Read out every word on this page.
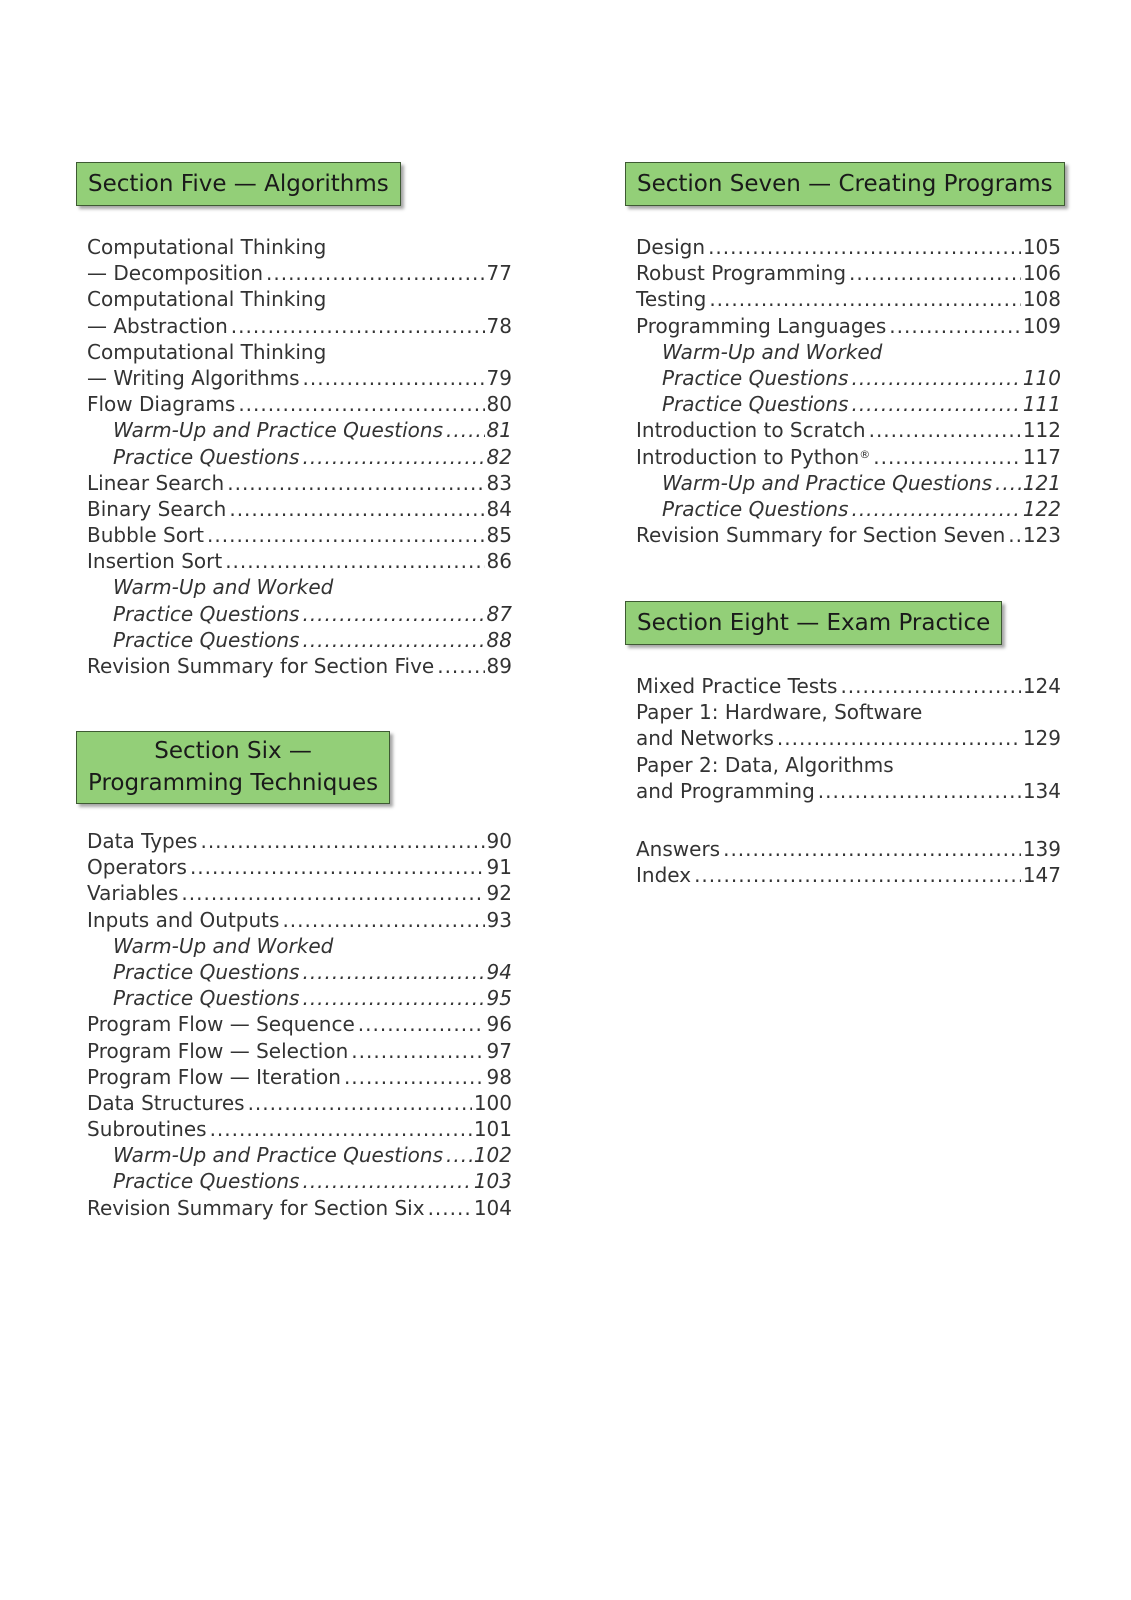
Section Five — Algorithms
Computational Thinking
— Decomposition .....	77
Computational Thinking
— Abstraction .....	78
Computational Thinking
— Writing Algorithms .....	79
Flow Diagrams .....	80
Warm-Up and Practice Questions ..... 81
Practice Questions .....	82
Linear Search .....	83
Binary Search .....	84
Bubble Sort .....	85
Insertion Sort .....	86
Warm-Up and Worked
Practice Questions .....	87
Practice Questions .....	88
Revision Summary for Section Five .....	89
Section Six —
Programming Techniques
Data Types .....	90
Operators .....	91
Variables .....	92
Inputs and Outputs .....	93
Warm-Up and Worked
Practice Questions .....	94
Practice Questions .....	95
Program Flow — Sequence .....	96
Program Flow — Selection .....	97
Program Flow — Iteration .....	98
Data Structures .....	100
Subroutines .....	101
Warm-Up and Practice Questions ..... 102
Practice Questions .....	103
Revision Summary for Section Six ..... 104
Section Seven — Creating Programs
Design .....	105
Robust Programming .....	106
Testing .....	108
Programming Languages .....	109
Warm-Up and Worked
Practice Questions .....	110
Practice Questions .....	111
Introduction to Scratch .....	112
Introduction to Python® .....	117
Warm-Up and Practice Questions ..... 121
Practice Questions .....	122
Revision Summary for Section Seven ..... 123
Section Eight — Exam Practice
Mixed Practice Tests .....	124
Paper 1: Hardware, Software
and Networks .....	129
Paper 2: Data, Algorithms
and Programming .....	134
Answers .....	139
Index .....	147
